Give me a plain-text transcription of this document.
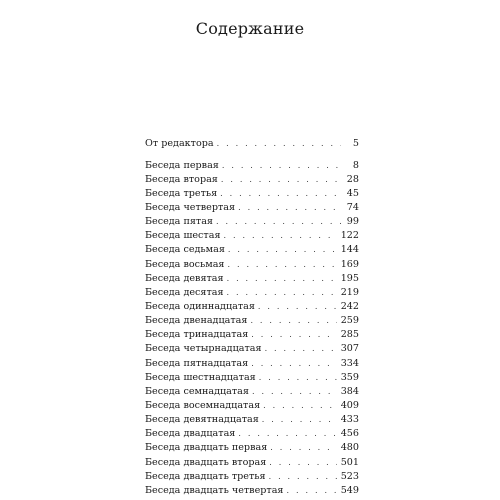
Содержание
От редактора . . .	5
Беседа первая . . .	8
Беседа вторая . . .	28
Беседа третья . . .	45
Беседа четвертая . . .	74
Беседа пятая . . .	99
Беседа шестая . . .	122
Беседа седьмая . . .	144
Беседа восьмая . . .	169
Беседа девятая . . .	195
Беседа десятая . . .	219
Беседа одиннадцатая . . .	242
Беседа двенадцатая . . .	259
Беседа тринадцатая . . .	285
Беседа четырнадцатая . . .	307
Беседа пятнадцатая . . .	334
Беседа шестнадцатая . . .	359
Беседа семнадцатая . . .	384
Беседа восемнадцатая . . .	409
Беседа девятнадцатая . . .	433
Беседа двадцатая . . .	456
Беседа двадцать первая . . .	480
Беседа двадцать вторая . . .	501
Беседа двадцать третья . . .	523
Беседа двадцать четвертая . . .	549
